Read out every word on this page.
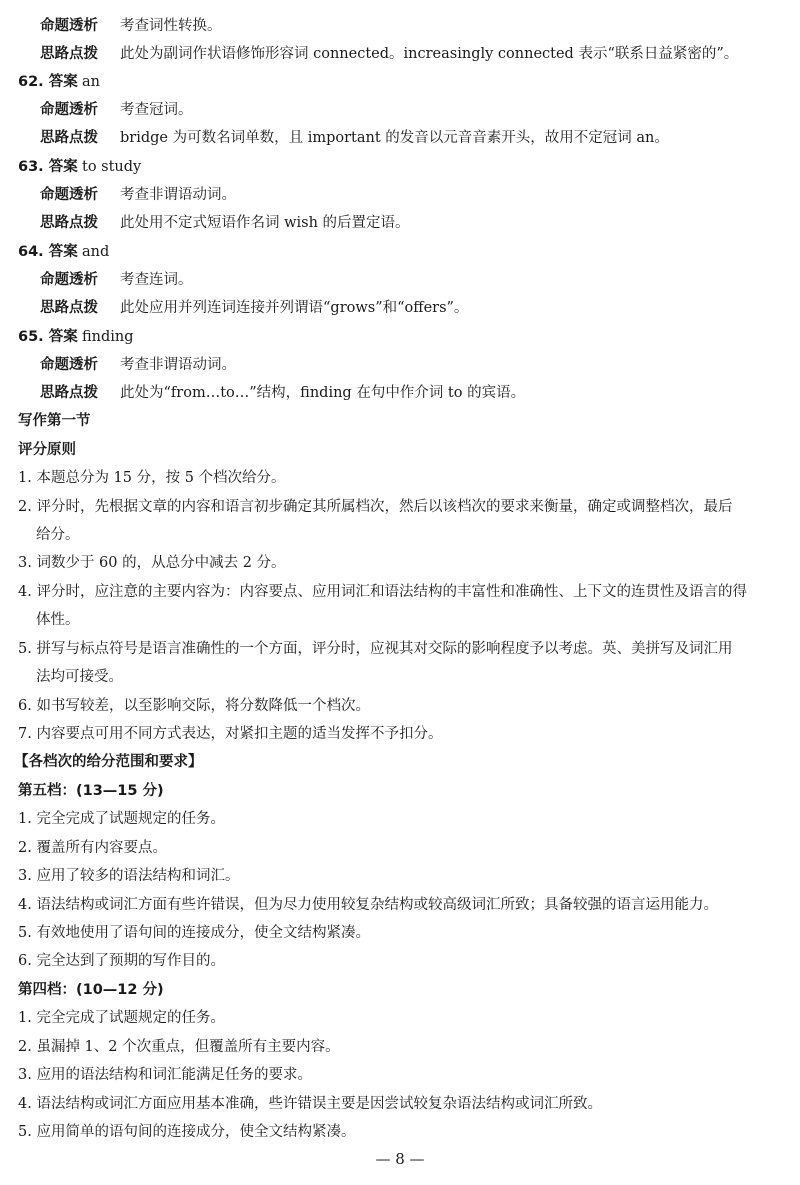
命题透析 考查词性转换。
思路点拨 此处为副词作状语修饰形容词 connected。increasingly connected 表示“联系日益紧密的”。
62. 答案 an
命题透析 考查冠词。
思路点拨 bridge 为可数名词单数，且 important 的发音以元音音素开头，故用不定冠词 an。
63. 答案 to study
命题透析 考查非谓语动词。
思路点拨 此处用不定式短语作名词 wish 的后置定语。
64. 答案 and
命题透析 考查连词。
思路点拨 此处应用并列连词连接并列谓语“grows”和“offers”。
65. 答案 finding
命题透析 考查非谓语动词。
思路点拨 此处为“from…to…”结构，finding 在句中作介词 to 的宾语。
写作第一节
评分原则
1. 本题总分为 15 分，按 5 个档次给分。
2. 评分时，先根据文章的内容和语言初步确定其所属档次，然后以该档次的要求来衡量，确定或调整档次，最后
给分。
3. 词数少于 60 的，从总分中减去 2 分。
4. 评分时，应注意的主要内容为：内容要点、应用词汇和语法结构的丰富性和准确性、上下文的连贯性及语言的得
体性。
5. 拼写与标点符号是语言准确性的一个方面，评分时，应视其对交际的影响程度予以考虑。英、美拼写及词汇用
法均可接受。
6. 如书写较差，以至影响交际，将分数降低一个档次。
7. 内容要点可用不同方式表达，对紧扣主题的适当发挥不予扣分。
【各档次的给分范围和要求】
第五档：(13—15 分)
1. 完全完成了试题规定的任务。
2. 覆盖所有内容要点。
3. 应用了较多的语法结构和词汇。
4. 语法结构或词汇方面有些许错误，但为尽力使用较复杂结构或较高级词汇所致；具备较强的语言运用能力。
5. 有效地使用了语句间的连接成分，使全文结构紧凑。
6. 完全达到了预期的写作目的。
第四档：(10—12 分)
1. 完全完成了试题规定的任务。
2. 虽漏掉 1、2 个次重点，但覆盖所有主要内容。
3. 应用的语法结构和词汇能满足任务的要求。
4. 语法结构或词汇方面应用基本准确，些许错误主要是因尝试较复杂语法结构或词汇所致。
5. 应用简单的语句间的连接成分，使全文结构紧凑。
— 8 —
